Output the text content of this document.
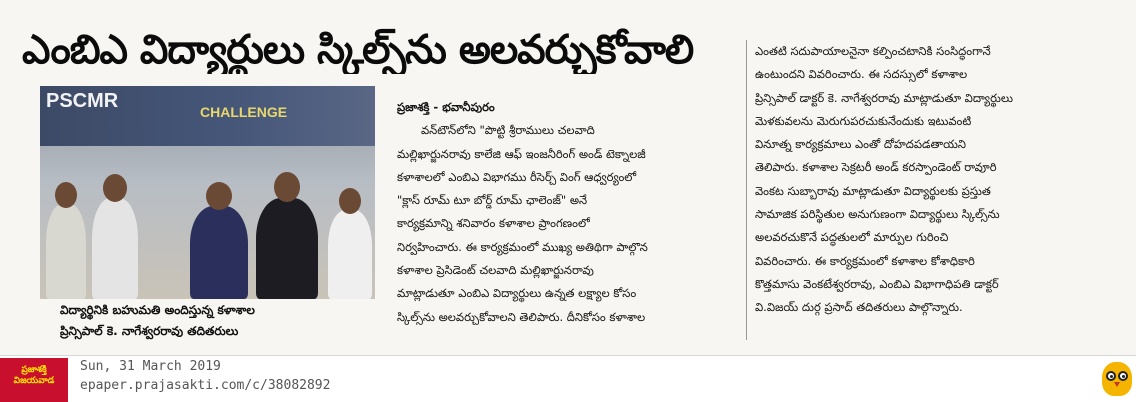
ఎంబిఎ విద్యార్థులు స్కిల్స్‌ను అలవర్చుకోవాలి
PSCMR	CHALLENGE
విద్యార్థినికి బహుమతి అందిస్తున్న కళాశాల
ప్రిన్సిపాల్‌ కె. నాగేశ్వరరావు తదితరులు

ప్రజాశక్తి - భవానీపురం

వన్‌టౌన్‌లోని "పొట్టి శ్రీరాములు చలవాది

మల్లిఖార్జునరావు కాలేజి ఆఫ్‌ ఇంజనీరింగ్‌ అండ్‌ టెక్నాలజీ

కళాశాలలో ఎంబిఎ విభాగము రీసెర్చ్‌ వింగ్‌ ఆధ్వర్యంలో

"క్లాస్‌ రూమ్‌ టూ బోర్డ్‌ రూమ్‌ ఛాలెంజ్‌" అనే

కార్యక్రమాన్ని శనివారం కళాశాల ప్రాంగణంలో

నిర్వహించారు. ఈ కార్యక్రమంలో ముఖ్య అతిథిగా పాల్గొన

కళాశాల ప్రెసిడెంట్‌ చలవాది మల్లిఖార్జునరావు

మాట్లాడుతూ ఎంబిఎ విద్యార్థులు ఉన్నత లక్ష్యాల కోసం

స్కిల్స్‌ను అలవర్చుకోవాలని తెలిపారు. దీనికోసం కళాశాల

ఎంతటి సదుపాయాలనైనా కల్పించటానికి సంసిద్ధంగానే

ఉంటుందని వివరించారు. ఈ సదస్సులో కళాశాల

ప్రిన్సిపాల్‌ డాక్టర్‌ కె. నాగేశ్వరరావు మాట్లాడుతూ విద్యార్థులు

మెళకువలను మెరుగుపరచుకునేందుకు ఇటువంటి

వినూత్న కార్యక్రమాలు ఎంతో దోహదపడతాయని

తెలిపారు. కళాశాల సెక్రటరీ అండ్‌ కరస్పాండెంట్‌ రావూరి

వెంకట సుబ్బారావు మాట్లాడుతూ విద్యార్థులకు ప్రస్తుత

సామాజిక పరిస్థితుల అనుగుణంగా విద్యార్థులు స్కిల్స్‌ను

అలవరచుకొనే పద్ధతులలో మార్పుల గురించి

వివరించారు. ఈ కార్యక్రమంలో కళాశాల కోశాధికారి

కొత్తమాసు వెంకటేశ్వరరావు, ఎంబిఎ విభాగాధిపతి డాక్టర్‌

వి.విజయ్‌ దుర్గ ప్రసాద్‌ తదితరులు పాల్గొన్నారు.

ప్రజాశక్తి విజయవాడ
Sun, 31 March 2019
epaper.prajasakti.com/c/38082892
